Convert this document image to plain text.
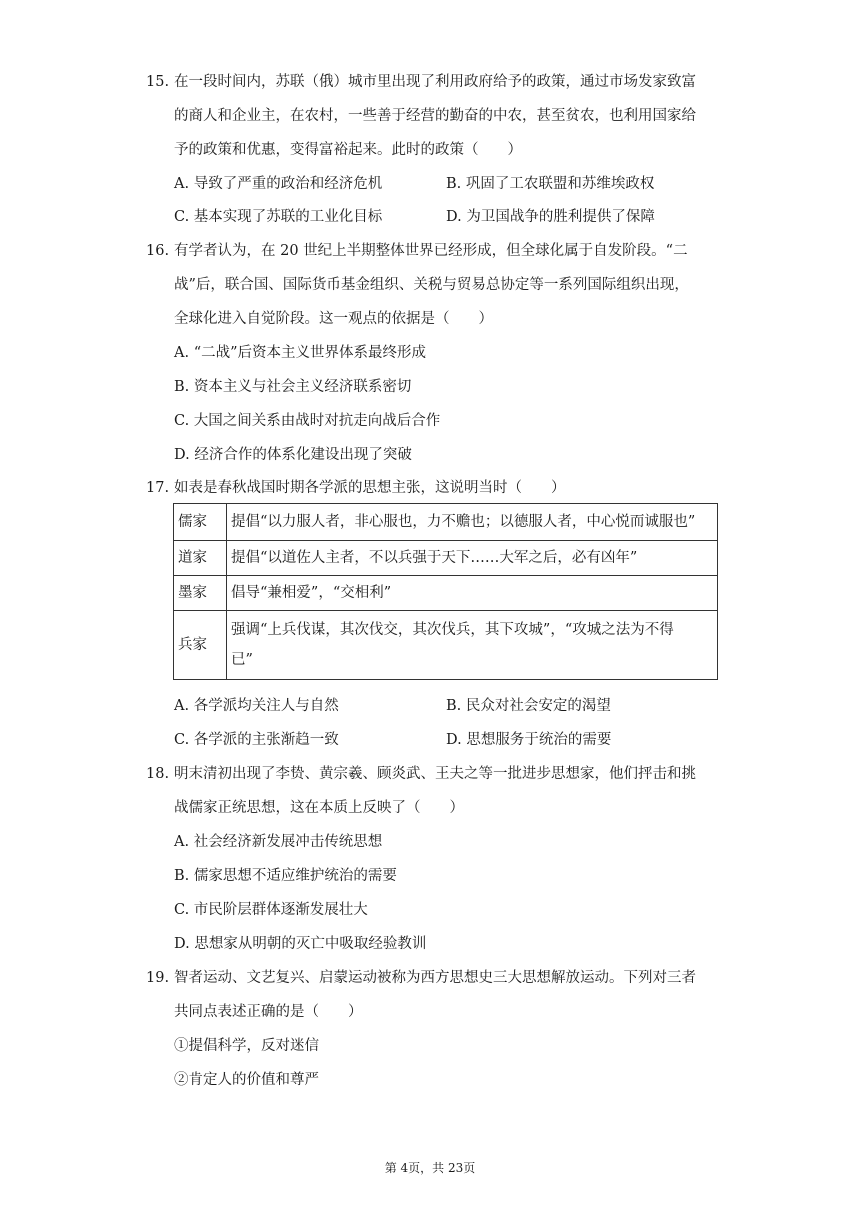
15. 在一段时间内，苏联（俄）城市里出现了利用政府给予的政策，通过市场发家致富
的商人和企业主，在农村，一些善于经营的勤奋的中农，甚至贫农，也利用国家给
予的政策和优惠，变得富裕起来。此时的政策（　　）
A. 导致了严重的政治和经济危机	B. 巩固了工农联盟和苏维埃政权
C. 基本实现了苏联的工业化目标	D. 为卫国战争的胜利提供了保障
16. 有学者认为，在 20 世纪上半期整体世界已经形成，但全球化属于自发阶段。“二
战”后，联合国、国际货币基金组织、关税与贸易总协定等一系列国际组织出现，
全球化进入自觉阶段。这一观点的依据是（　　）
A. “二战”后资本主义世界体系最终形成
B. 资本主义与社会主义经济联系密切
C. 大国之间关系由战时对抗走向战后合作
D. 经济合作的体系化建设出现了突破
17. 如表是春秋战国时期各学派的思想主张，这说明当时（　　）
儒家	提倡“以力服人者，非心服也，力不赡也；以德服人者，中心悦而诚服也”
道家	提倡“以道佐人主者，不以兵强于天下……大军之后，必有凶年”
墨家	倡导“兼相爱”，“交相利”
兵家	强调“上兵伐谋，其次伐交，其次伐兵，其下攻城”，“攻城之法为不得
已”
A. 各学派均关注人与自然	B. 民众对社会安定的渴望
C. 各学派的主张渐趋一致	D. 思想服务于统治的需要
18. 明末清初出现了李贽、黄宗羲、顾炎武、王夫之等一批进步思想家，他们抨击和挑
战儒家正统思想，这在本质上反映了（　　）
A. 社会经济新发展冲击传统思想
B. 儒家思想不适应维护统治的需要
C. 市民阶层群体逐渐发展壮大
D. 思想家从明朝的灭亡中吸取经验教训
19. 智者运动、文艺复兴、启蒙运动被称为西方思想史三大思想解放运动。下列对三者
共同点表述正确的是（　　）
①提倡科学，反对迷信
②肯定人的价值和尊严
第 4页，共 23页
